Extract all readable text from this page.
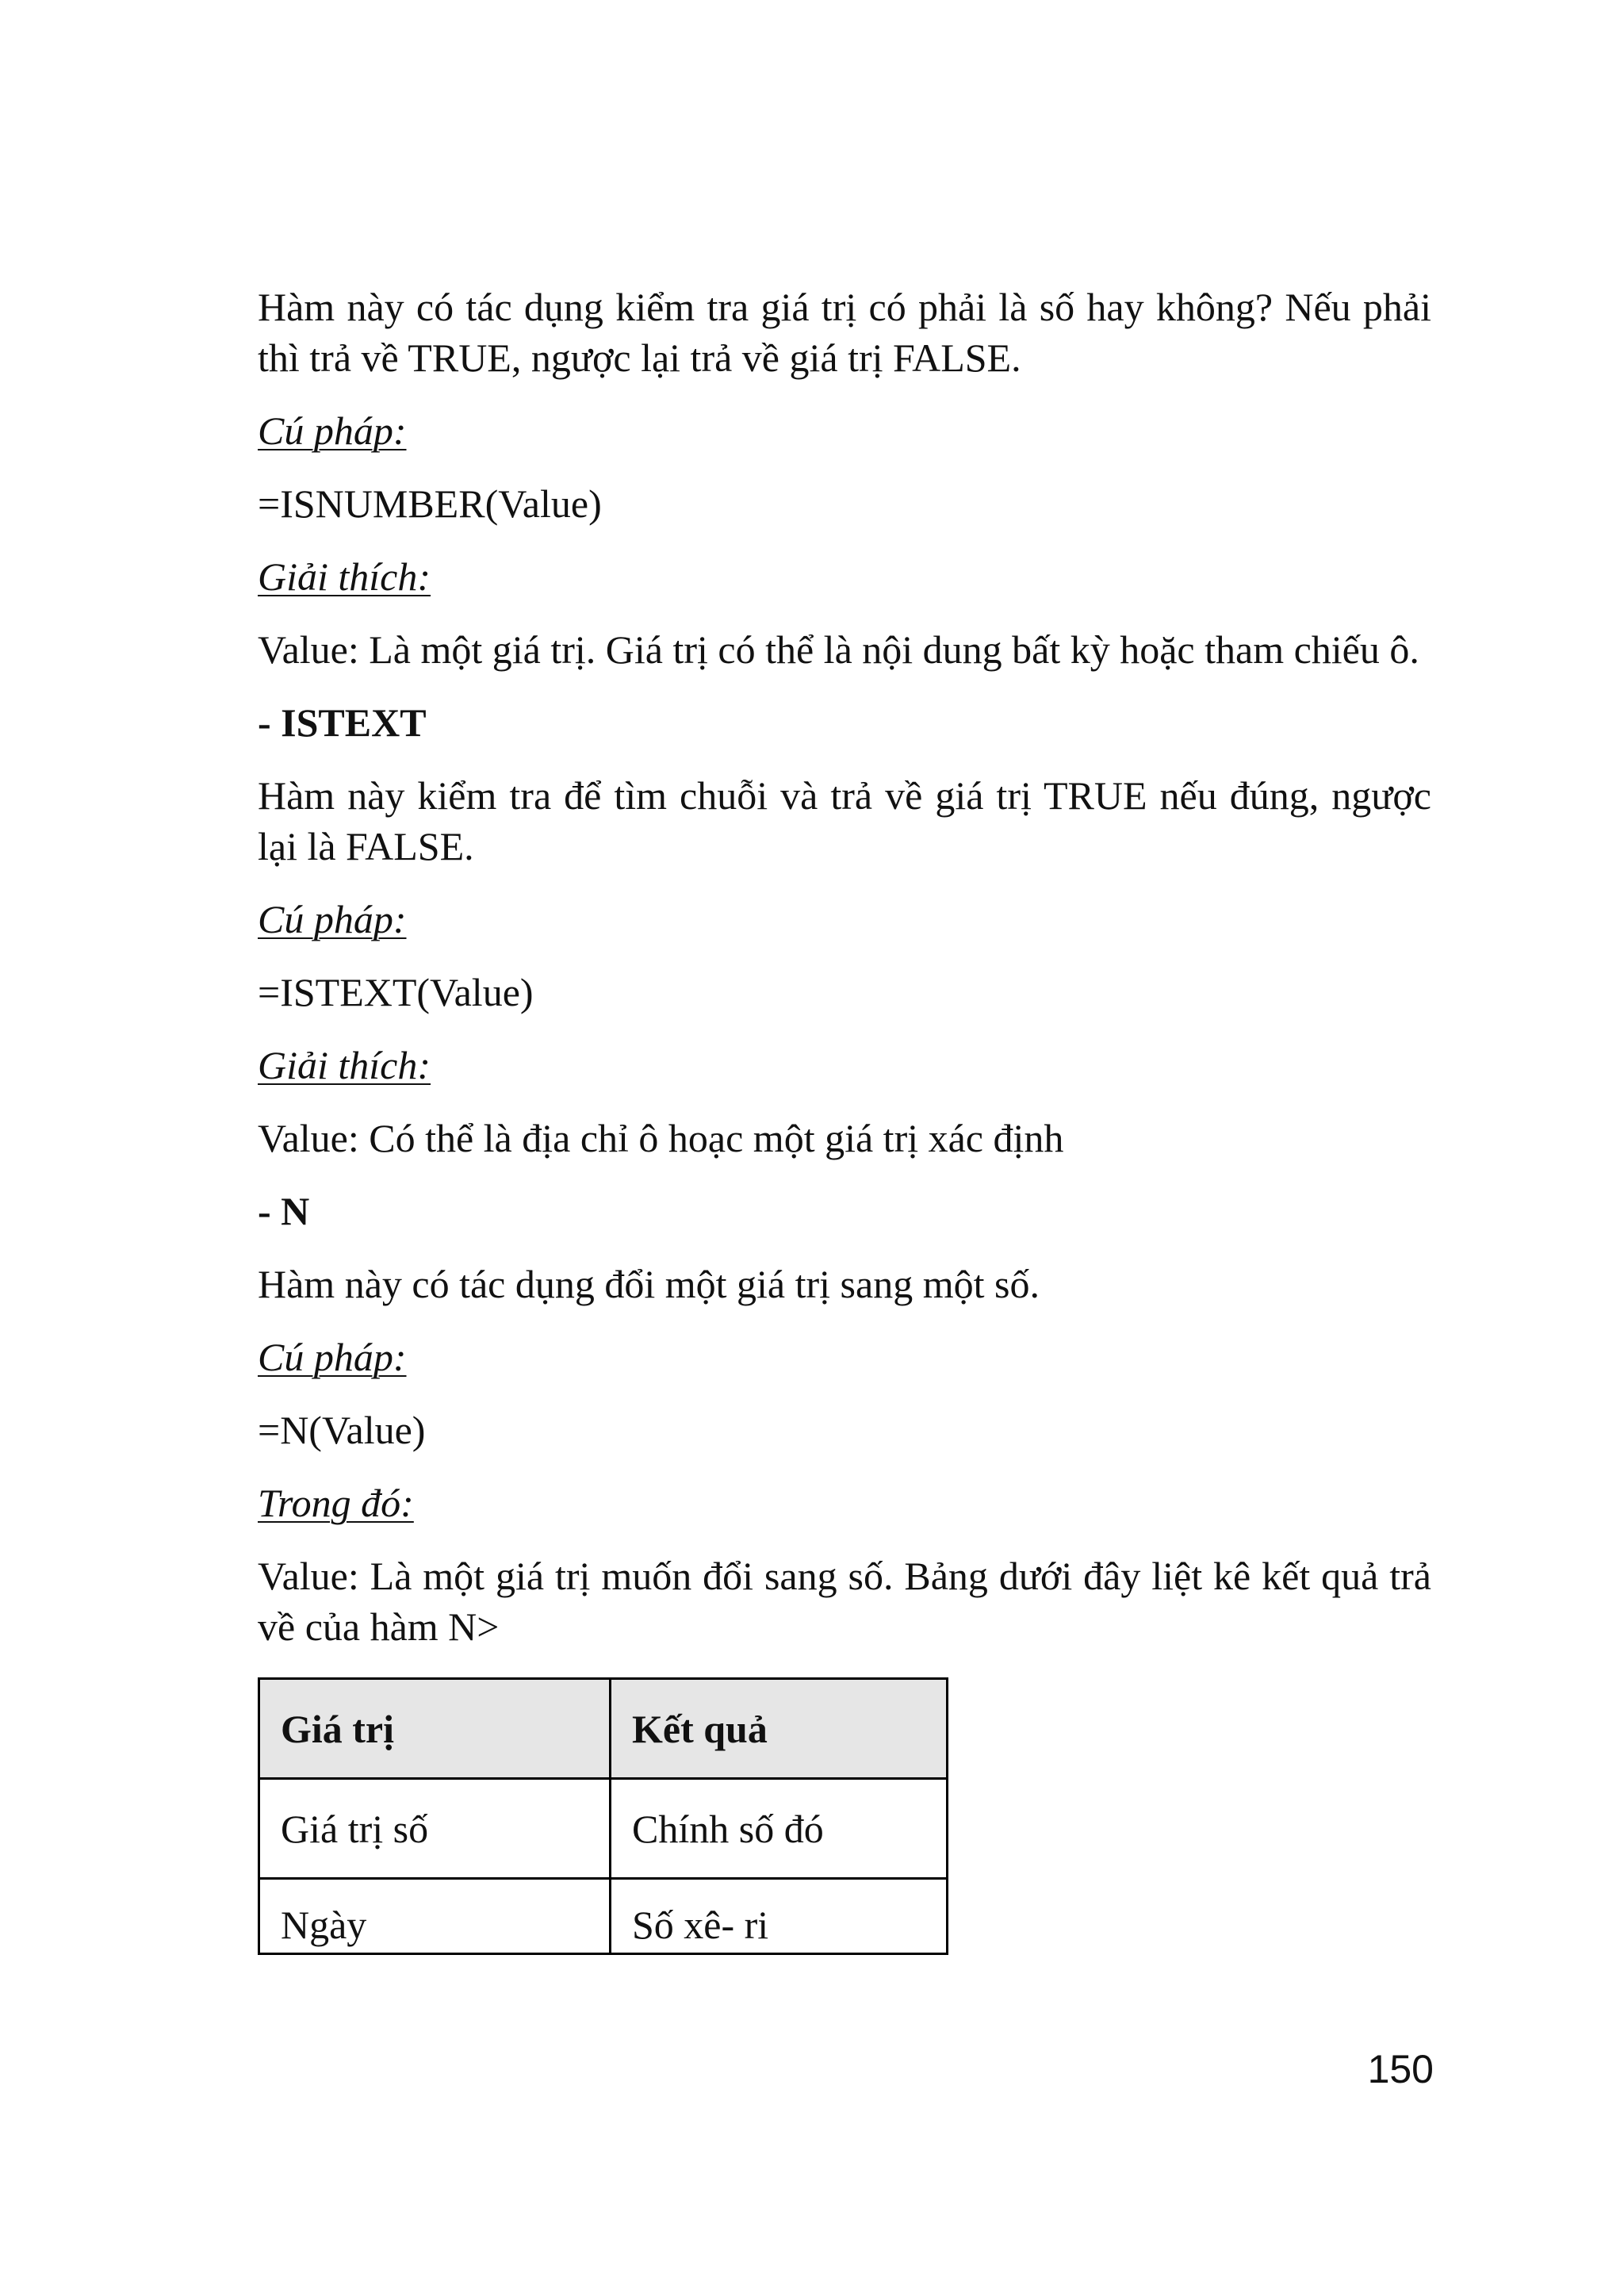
Hàm này có tác dụng kiểm tra giá trị có phải là số hay không? Nếu phải thì trả về TRUE, ngược lại trả về giá trị FALSE.

Cú pháp:

=ISNUMBER(Value)

Giải thích:

Value: Là một giá trị. Giá trị có thể là nội dung bất kỳ hoặc tham chiếu ô.

- ISTEXT

Hàm này kiểm tra để tìm chuỗi và trả về giá trị TRUE nếu đúng, ngược lại là FALSE.

Cú pháp:

=ISTEXT(Value)

Giải thích:

Value: Có thể là địa chỉ ô hoạc một giá trị xác định

- N

Hàm này có tác dụng đổi một giá trị sang một số.

Cú pháp:

=N(Value)

Trong đó:

Value: Là một giá trị muốn đổi sang số. Bảng dưới đây liệt kê kết quả trả về của hàm N>

Giá trị	Kết quả
Giá trị số	Chính số đó
Ngày	Số xê- ri
150
